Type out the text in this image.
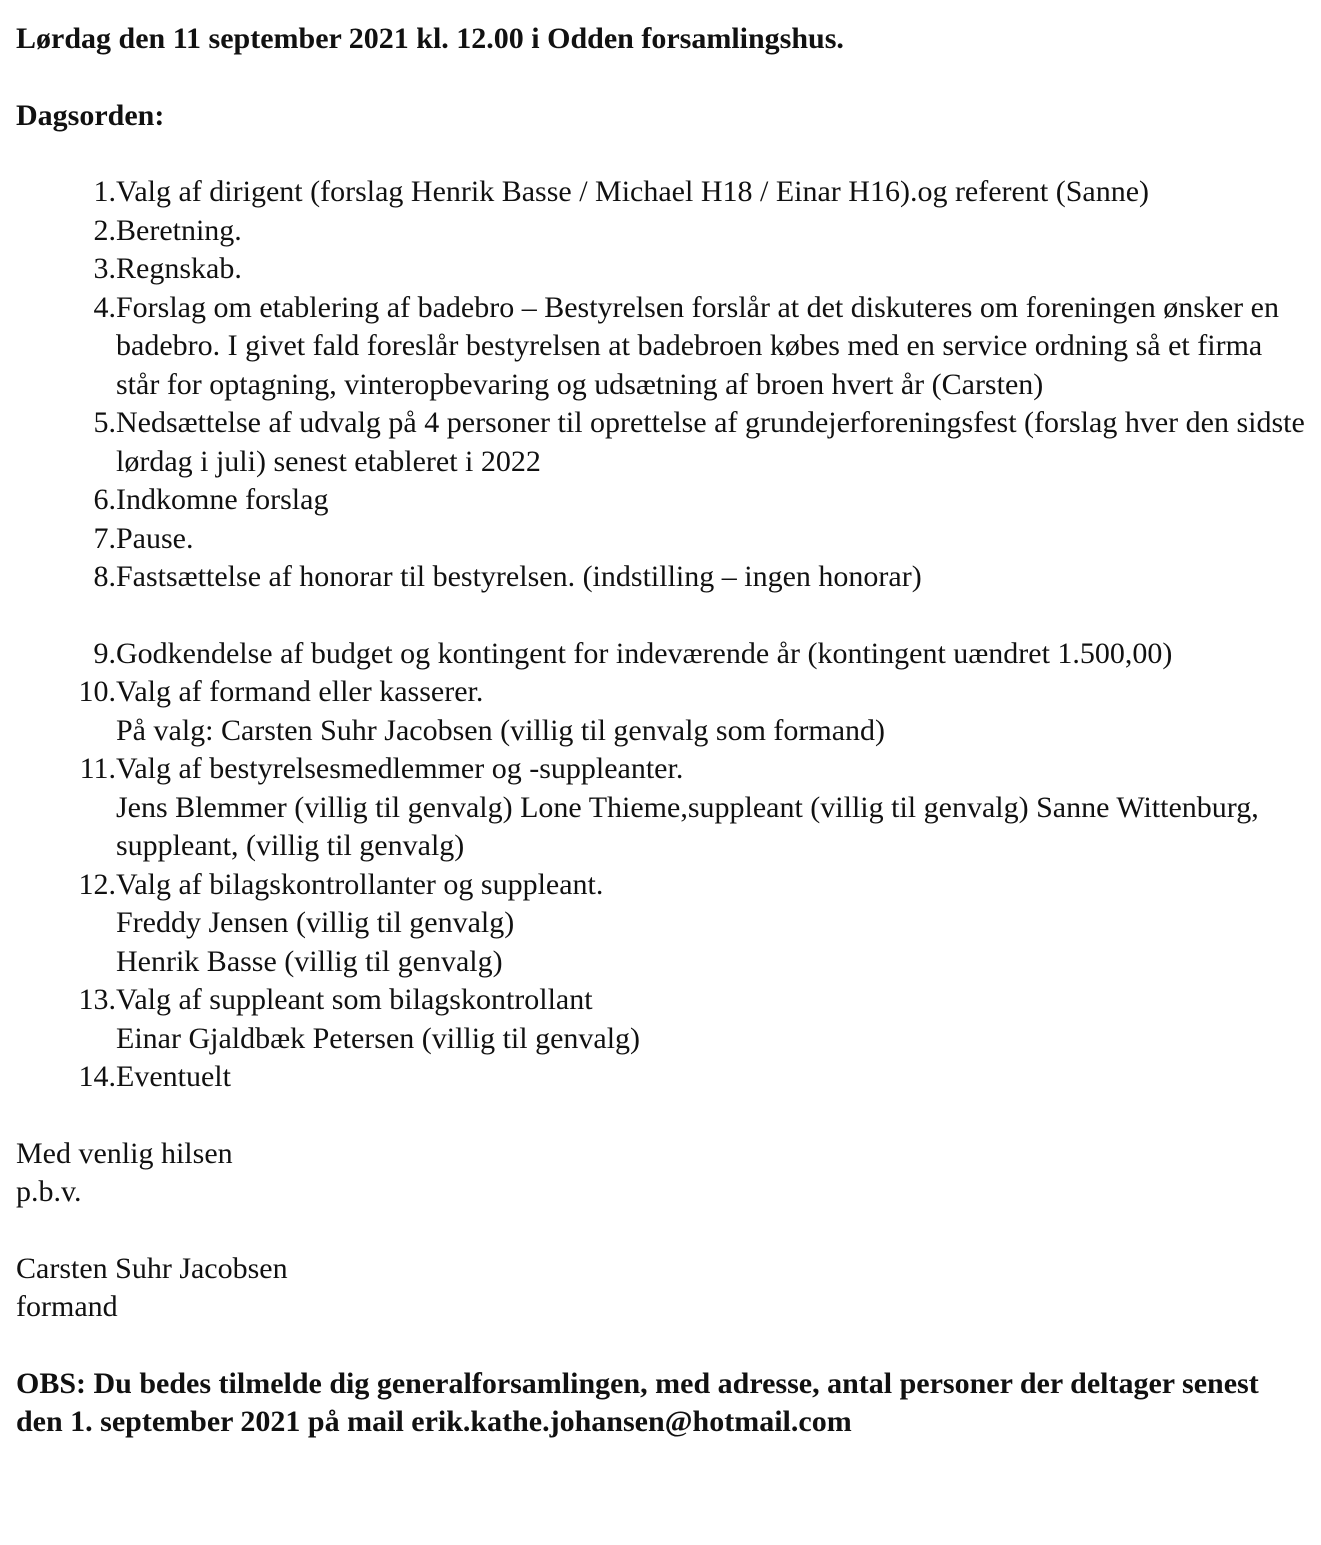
Lørdag den 11 september 2021 kl. 12.00 i Odden forsamlingshus.

Dagsorden:

1. Valg af dirigent (forslag Henrik Basse / Michael H18 / Einar H16).og referent (Sanne)
2. Beretning.
3. Regnskab.
4. Forslag om etablering af badebro – Bestyrelsen forslår at det diskuteres om foreningen ønsker en badebro. I givet fald foreslår bestyrelsen at badebroen købes med en service ordning så et firma står for optagning, vinteropbevaring og udsætning af broen hvert år (Carsten)
5. Nedsættelse af udvalg på 4 personer til oprettelse af grundejerforeningsfest (forslag hver den sidste lørdag i juli) senest etableret i 2022
6. Indkomne forslag
7. Pause.
8. Fastsættelse af honorar til bestyrelsen. (indstilling – ingen honorar)
9. Godkendelse af budget og kontingent for indeværende år (kontingent uændret 1.500,00)
10. Valg af formand eller kasserer.
På valg: Carsten Suhr Jacobsen (villig til genvalg som formand)
11. Valg af bestyrelsesmedlemmer og -suppleanter.
Jens Blemmer (villig til genvalg) Lone Thieme,suppleant (villig til genvalg) Sanne Wittenburg, suppleant, (villig til genvalg)
12. Valg af bilagskontrollanter og suppleant.
Freddy Jensen (villig til genvalg)
Henrik Basse (villig til genvalg)
13. Valg af suppleant som bilagskontrollant
Einar Gjaldbæk Petersen (villig til genvalg)
14. Eventuelt
Med venlig hilsen
p.b.v.
Carsten Suhr Jacobsen
formand

OBS: Du bedes tilmelde dig generalforsamlingen, med adresse, antal personer der deltager senest den 1. september 2021 på mail erik.kathe.johansen@hotmail.com
